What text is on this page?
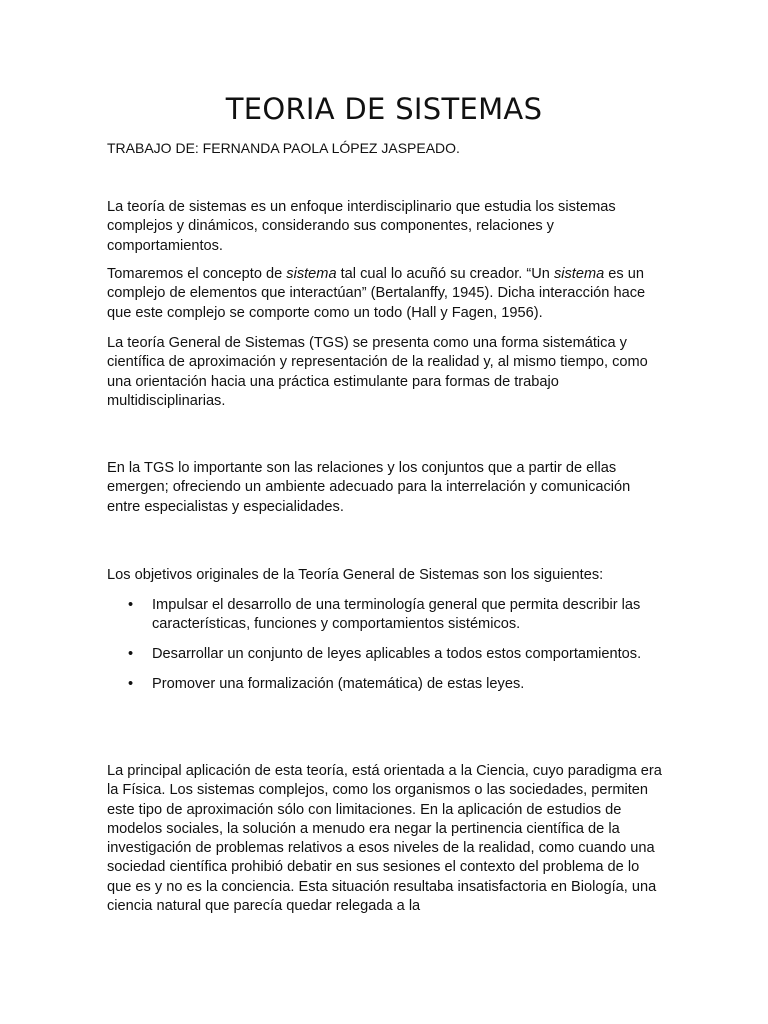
TEORIA DE SISTEMAS

TRABAJO DE: FERNANDA PAOLA LÓPEZ JASPEADO.

La teoría de sistemas es un enfoque interdisciplinario que estudia los sistemas complejos y dinámicos, considerando sus componentes, relaciones y comportamientos.

Tomaremos el concepto de sistema tal cual lo acuñó su creador. “Un sistema es un complejo de elementos que interactúan” (Bertalanffy, 1945). Dicha interacción hace que este complejo se comporte como un todo (Hall y Fagen, 1956).

La teoría General de Sistemas (TGS) se presenta como una forma sistemática y científica de aproximación y representación de la realidad y, al mismo tiempo, como una orientación hacia una práctica estimulante para formas de trabajo multidisciplinarias.

En la TGS lo importante son las relaciones y los conjuntos que a partir de ellas emergen; ofreciendo un ambiente adecuado para la interrelación y comunicación entre especialistas y especialidades.

Los objetivos originales de la Teoría General de Sistemas son los siguientes:

• Impulsar el desarrollo de una terminología general que permita describir las características, funciones y comportamientos sistémicos.
• Desarrollar un conjunto de leyes aplicables a todos estos comportamientos.
• Promover una formalización (matemática) de estas leyes.

La principal aplicación de esta teoría, está orientada a la Ciencia, cuyo paradigma era la Física. Los sistemas complejos, como los organismos o las sociedades, permiten este tipo de aproximación sólo con limitaciones. En la aplicación de estudios de modelos sociales, la solución a menudo era negar la pertinencia científica de la investigación de problemas relativos a esos niveles de la realidad, como cuando una sociedad científica prohibió debatir en sus sesiones el contexto del problema de lo que es y no es la conciencia. Esta situación resultaba insatisfactoria en Biología, una ciencia natural que parecía quedar relegada a la
